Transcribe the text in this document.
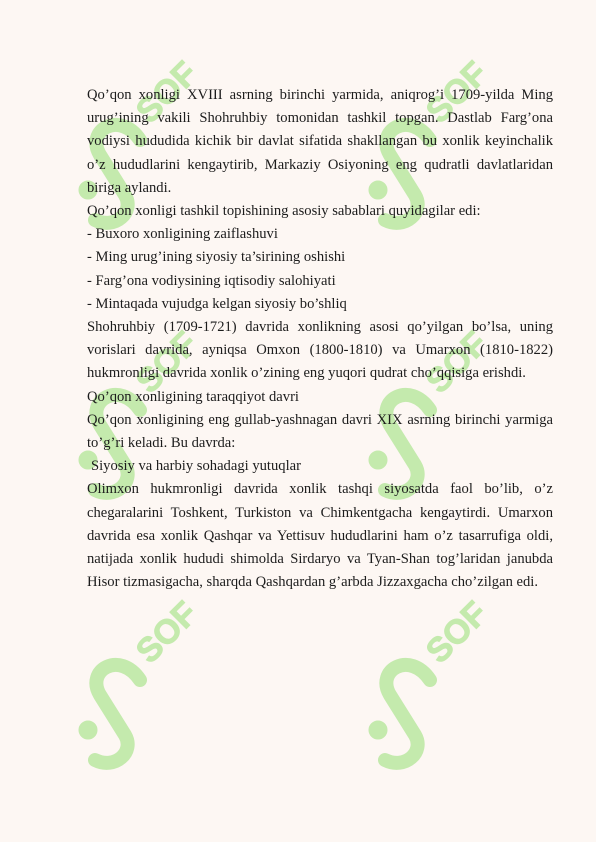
Qo’qon xonligi XVIII asrning birinchi yarmida, aniqrog’i 1709-yilda Ming urug’ining vakili Shohruhbiy tomonidan tashkil topgan. Dastlab Farg’ona vodiysi hududida kichik bir davlat sifatida shakllangan bu xonlik keyinchalik o’z hududlarini kengaytirib, Markaziy Osiyoning eng qudratli davlatlaridan biriga aylandi.

Qo’qon xonligi tashkil topishining asosiy sabablari quyidagilar edi:

- Buxoro xonligining zaiflashuvi

- Ming urug’ining siyosiy ta’sirining oshishi

- Farg’ona vodiysining iqtisodiy salohiyati

- Mintaqada vujudga kelgan siyosiy bo’shliq

Shohruhbiy (1709-1721) davrida xonlikning asosi qo’yilgan bo’lsa, uning vorislari davrida, ayniqsa Omxon (1800-1810) va Umarxon (1810-1822) hukmronligi davrida xonlik o’zining eng yuqori qudrat cho’qqisiga erishdi.

Qo’qon xonligining taraqqiyot davri

Qo’qon xonligining eng gullab-yashnagan davri XIX asrning birinchi yarmiga to’g’ri keladi. Bu davrda:

Siyosiy va harbiy sohadagi yutuqlar

Olimxon hukmronligi davrida xonlik tashqi siyosatda faol bo’lib, o’z chegaralarini Toshkent, Turkiston va Chimkentgacha kengaytirdi. Umarxon davrida esa xonlik Qashqar va Yettisuv hududlarini ham o’z tasarrufiga oldi, natijada xonlik hududi shimolda Sirdaryo va Tyan-Shan tog’laridan janubda Hisor tizmasigacha, sharqda Qashqardan g’arbda Jizzaxgacha cho’zilgan edi.
